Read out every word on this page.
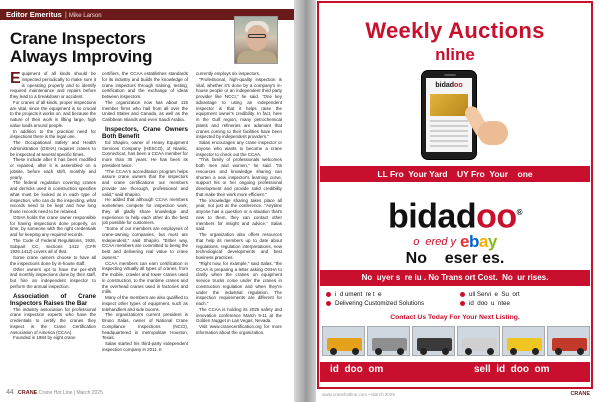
Editor Emeritus | Mike Larson
Crane Inspectors
Always Improving

Equipment of all kinds should be inspected periodically to make sure it is operating properly and to identify required maintenance and repairs before they lead to a breakdown or accident.

For cranes of all kinds, proper inspections are vital, since the equipment is so crucial to the projects it works on, and because the nature of their work is lifting large, high value loads around people.

In addition to the practical need for inspections there is the legal one.

The Occupational Safety and Health Administration (OSHA) requires cranes to be inspected at several specific times.

These include after it has been modified or repaired, after it is assembled on a jobsite, before each shift, monthly and yearly.

The federal regulation covering cranes and derricks used in construction specifies what must be looked at in each type of inspection, who can do the inspecting, what records need to be kept and how long those records need to be retained.

OSHA holds the crane owner responsible for having inspections done properly, on time, by someone with the right credentials and for keeping any required records.

The Code of Federal Regulations, 1926, Subpart CC, sections 1412 (CFR 1926.1412) covers all of that.

Some crane owners choose to have all the inspections done by in-house staff.

Other owners opt to have the per-shift and monthly inspections done by their staff, but hire an independent inspector to perform the annual inspection.

Association of Crane Inspectors Raises the Bar

The industry association for professional crane inspection experts who have the credentials to certify the cranes they inspect is the Crane Certification Association of America (CCAA).

Founded in 1984 by eight crane

certifiers, the CCAA establishes standards for its industry and builds the knowledge of crane inspectors through training, testing, certification and the exchange of ideas between inspectors.

The organization now has about 115 member firms who hail from all over the United States and Canada, as well as the Caribbean Islands and even Saudi Arabia.

Inspectors, Crane Owners Both Benefit

Ed Shapiro, owner of Heavy Equipment Services Company (HESCO), of Niantic, Connecticut, has been a CCAA member for more than 30 years. He has been its president twice.

“The CCAA's accreditation program helps assure crane owners that the inspectors and crane certifications our members provide are thorough, professional and valid,” said Shapiro.

He added that although CCAA members sometimes compete for inspection work, they all gladly share knowledge and experience to help each other do the best job possible for customers.

“Some of our members are employees of crane-owning companies, but most are independent,” said Shapiro. “Either way, CCAA members are committed to being the best and delivering real value to crane owners.”

CCAA members can earn certification in inspecting virtually all types of cranes, from the mobile, crawler and tower cranes used in construction, to the maritime cranes and the overhead cranes used in factories and mills.

Many of the members are also qualified to inspect other types of equipment, such as telehandlers and side booms.

The organization's current president is Bruno Salas, owner of National Crane Compliance Inspections (NCCI), headquartered in metropolitan Houston, Texas.

Salas started his third-party independent inspection company in 2011. It

currently employs six inspectors.

“Professional, high-quality inspection is vital, whether it's done by a company's in-house people or an independent third party provider like NCCI,” he said. “One key advantage to using an independent inspector is that it helps raise the equipment owner's credibility. In fact, here in the Gulf region, many petrochemical plants and refineries are adamant that cranes coming to their facilities have been inspected by independent providers.”

Salas encourages any crane inspector or anyone who wants to become a crane inspector to check out the CCAA.

“This family of professionals welcomes both men and women,” he said. “Its resources and knowledge sharing can shorten a new inspector's learning curve, support his or her ongoing professional development and provide solid credibility that make their work more efficient.”

The knowledge sharing takes place all year, not just at the conference. “Anytime anyone has a question or a situation that's new to them, they can contact other members for insight and advice,” Salas said.

The organization also offers resources that help its members up to date about regulations, regulation interpretations, new technological developments and best business practices.

“Right now, for example,” said Salas, “the CCAA is preparing a letter asking OSHA to clarify when the cranes on equipment service trucks come under the cranes in construction regulation and when they're under the industrial regulation. The inspection requirements are different for each.”

The CCAA is holding its 2025 safety and innovation conference March 9-11 at the Golden Nugget in Las Vegas, Nevada.

Visit www.cranecertification.org for more information about the organization.

44 CRANE Crane Hot Line | March 2025
Weekly Auctions
nline
bidadoo
LL Fro  Your Yard    UY Fro  Your    one
bidadoo®
o  ered y ebay
No    eser es.
No  uyer s  re iu . No Trans ort Cost.  No  ur rises.
i  d ument  re t  e
Delivering Customized Solutions
ull Servi  e  Su  ort
id  doo  u  ntee
Contact Us Today For Your Next Listing.
id  doo  om	sell  id  doo  om
www.cranehotline.com • March 2025	CRANE
